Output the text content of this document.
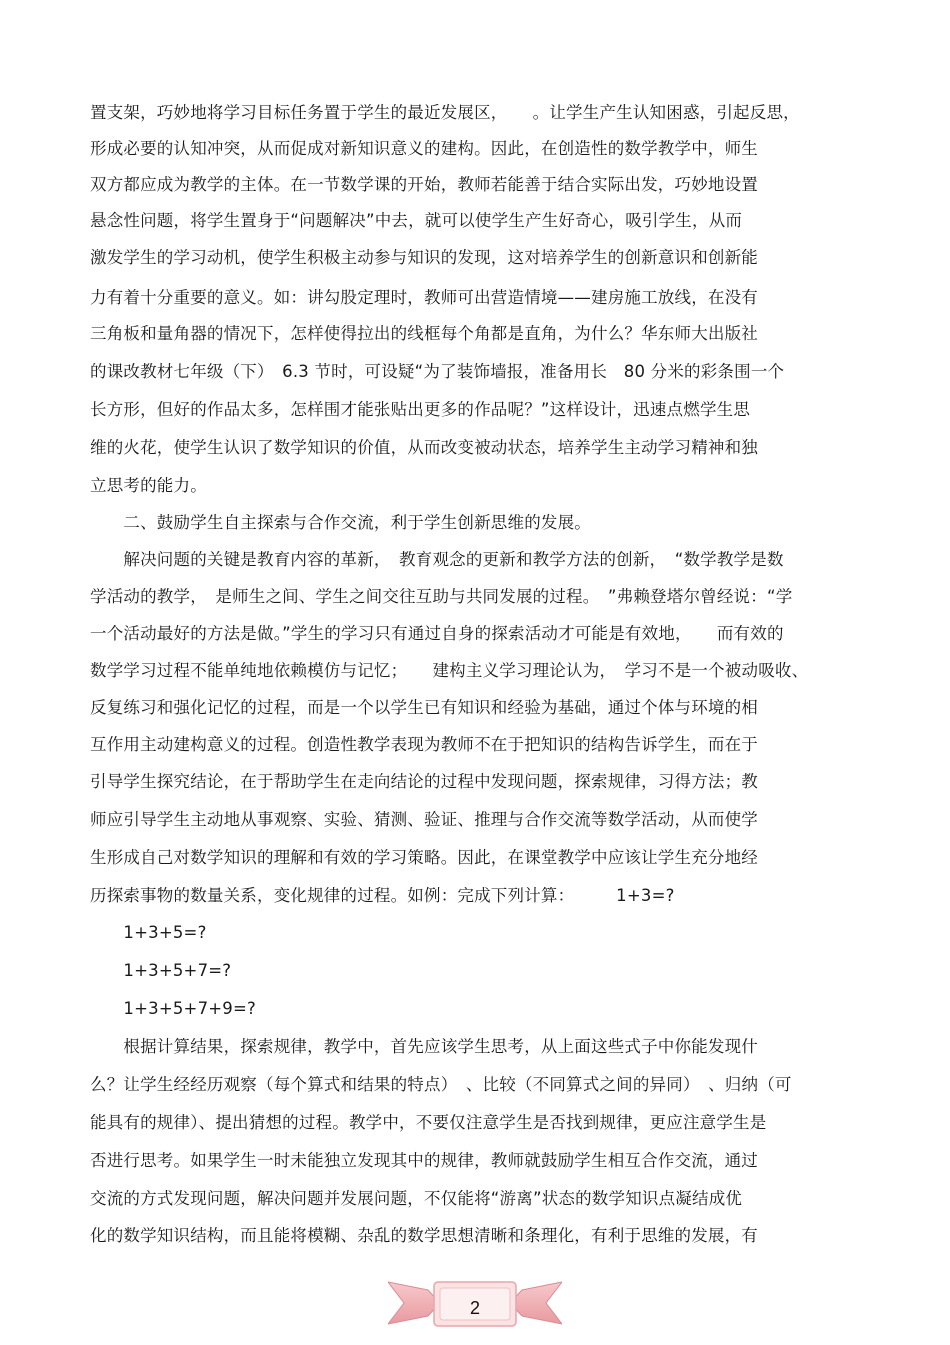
置支架，巧妙地将学习目标任务置于学生的最近发展区，　　。让学生产生认知困惑，引起反思，
形成必要的认知冲突，从而促成对新知识意义的建构。因此，在创造性的数学教学中，师生
双方都应成为教学的主体。在一节数学课的开始，教师若能善于结合实际出发，巧妙地设置
悬念性问题，将学生置身于“问题解决”中去，就可以使学生产生好奇心，吸引学生，从而
激发学生的学习动机，使学生积极主动参与知识的发现，这对培养学生的创新意识和创新能
力有着十分重要的意义。如：讲勾股定理时，教师可出营造情境——建房施工放线，在没有
三角板和量角器的情况下，怎样使得拉出的线框每个角都是直角，为什么？华东师大出版社
的课改教材七年级（下）　6.3 节时，可设疑“为了装饰墙报，准备用长　80 分米的彩条围一个
长方形，但好的作品太多，怎样围才能张贴出更多的作品呢？”这样设计，迅速点燃学生思
维的火花，使学生认识了数学知识的价值，从而改变被动状态，培养学生主动学习精神和独
立思考的能力。
　　二、鼓励学生自主探索与合作交流，利于学生创新思维的发展。
　　解决问题的关键是教育内容的革新，　教育观念的更新和教学方法的创新，　“数学教学是数
学活动的教学，　是师生之间、学生之间交往互助与共同发展的过程。　”弗赖登塔尔曾经说：“学
一个活动最好的方法是做。”学生的学习只有通过自身的探索活动才可能是有效地，　　而有效的
数学学习过程不能单纯地依赖模仿与记忆；　　建构主义学习理论认为，　学习不是一个被动吸收、
反复练习和强化记忆的过程，而是一个以学生已有知识和经验为基础，通过个体与环境的相
互作用主动建构意义的过程。创造性教学表现为教师不在于把知识的结构告诉学生，而在于
引导学生探究结论，在于帮助学生在走向结论的过程中发现问题，探索规律，习得方法；教
师应引导学生主动地从事观察、实验、猜测、验证、推理与合作交流等数学活动，从而使学
生形成自己对数学知识的理解和有效的学习策略。因此，在课堂教学中应该让学生充分地经
历探索事物的数量关系，变化规律的过程。如例：完成下列计算：　　　1+3=?
　　1+3+5=?
　　1+3+5+7=?
　　1+3+5+7+9=?
　　根据计算结果，探索规律，教学中，首先应该学生思考，从上面这些式子中你能发现什
么？让学生经经历观察（每个算式和结果的特点）　、比较（不同算式之间的异同）　、归纳（可
能具有的规律）、提出猜想的过程。教学中，不要仅注意学生是否找到规律，更应注意学生是
否进行思考。如果学生一时未能独立发现其中的规律，教师就鼓励学生相互合作交流，通过
交流的方式发现问题，解决问题并发展问题，不仅能将“游离”状态的数学知识点凝结成优
化的数学知识结构，而且能将模糊、杂乱的数学思想清晰和条理化，有利于思维的发展，有
2
